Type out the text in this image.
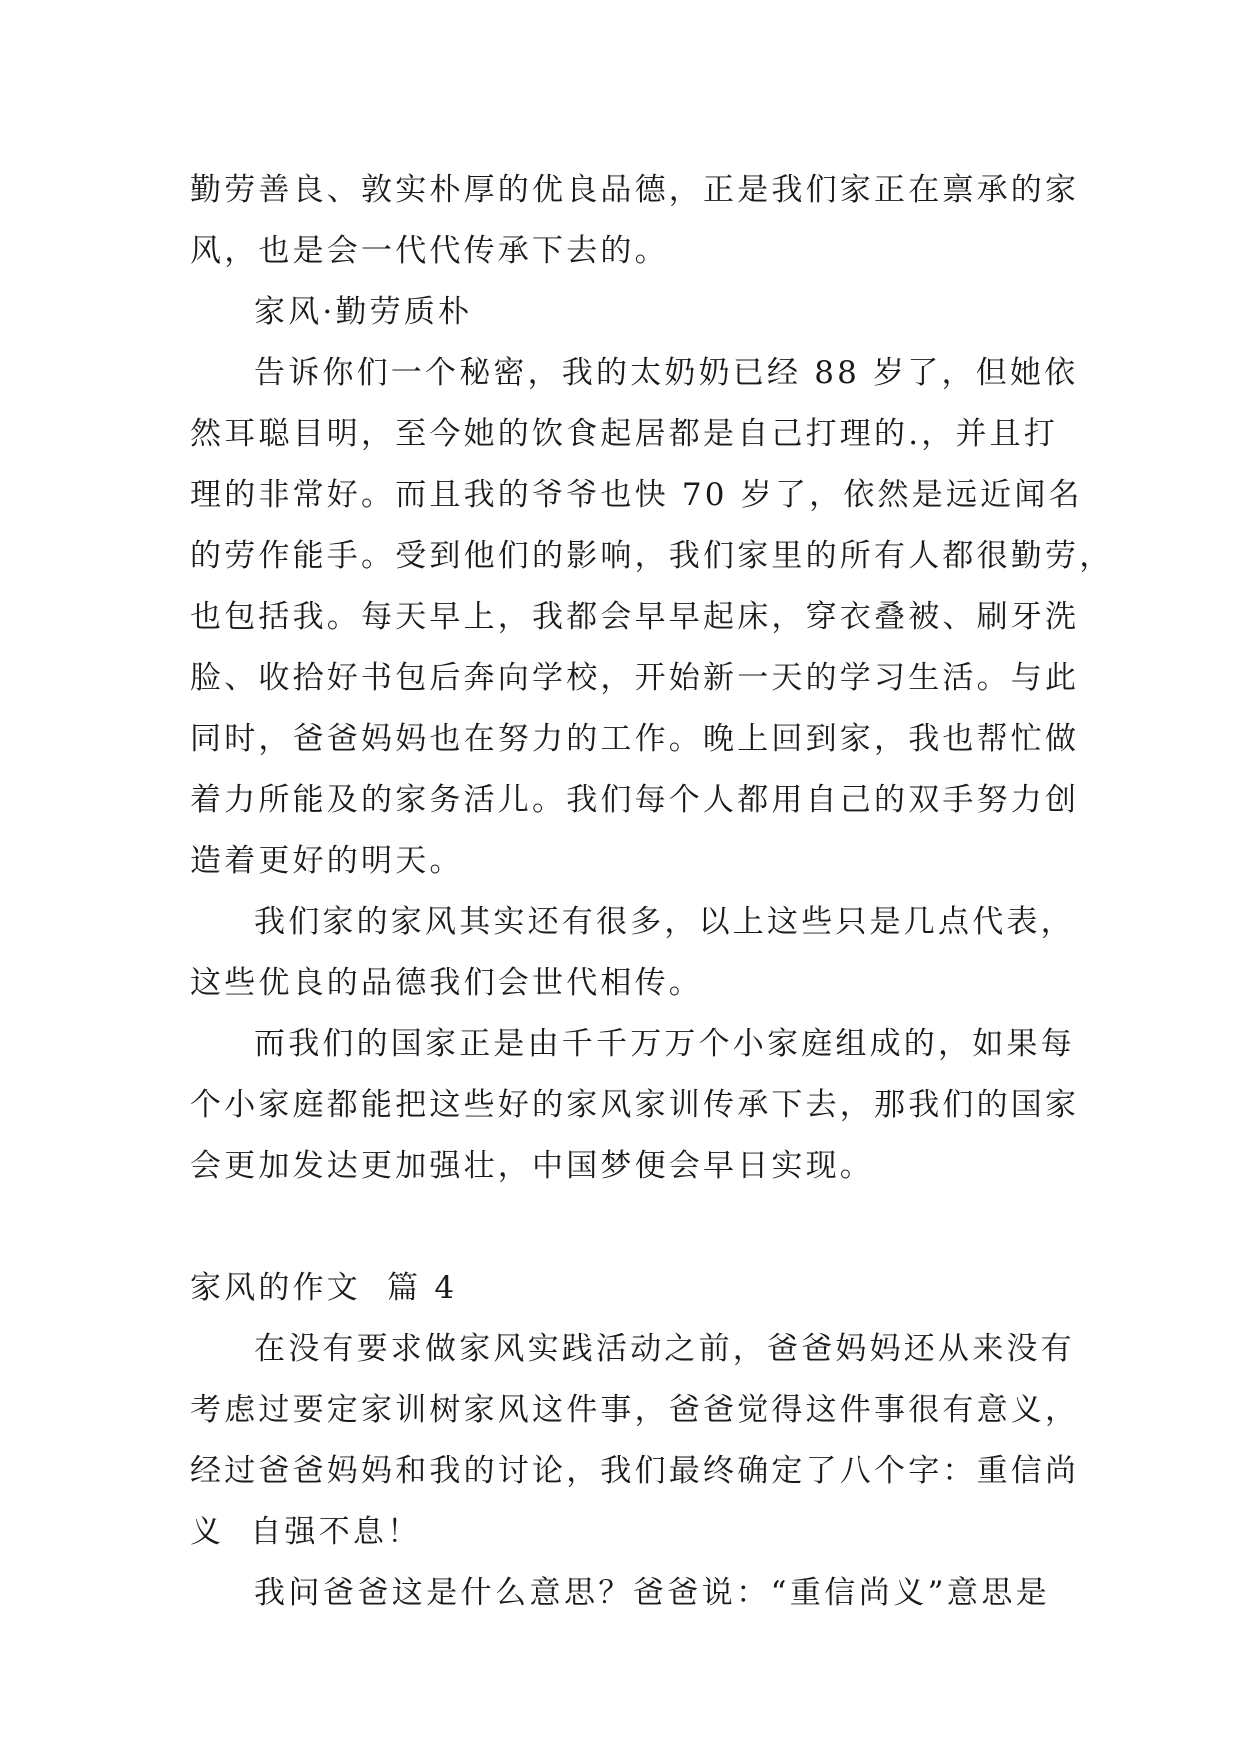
勤劳善良、敦实朴厚的优良品德，正是我们家正在禀承的家
风，也是会一代代传承下去的。
家风·勤劳质朴
告诉你们一个秘密，我的太奶奶已经 88 岁了，但她依
然耳聪目明，至今她的饮食起居都是自己打理的.，并且打
理的非常好。而且我的爷爷也快 70 岁了，依然是远近闻名
的劳作能手。受到他们的影响，我们家里的所有人都很勤劳，
也包括我。每天早上，我都会早早起床，穿衣叠被、刷牙洗
脸、收拾好书包后奔向学校，开始新一天的学习生活。与此
同时，爸爸妈妈也在努力的工作。晚上回到家，我也帮忙做
着力所能及的家务活儿。我们每个人都用自己的双手努力创
造着更好的明天。
我们家的家风其实还有很多，以上这些只是几点代表，
这些优良的品德我们会世代相传。
而我们的国家正是由千千万万个小家庭组成的，如果每
个小家庭都能把这些好的家风家训传承下去，那我们的国家
会更加发达更加强壮，中国梦便会早日实现。
家风的作文  篇 4
在没有要求做家风实践活动之前，爸爸妈妈还从来没有
考虑过要定家训树家风这件事，爸爸觉得这件事很有意义，
经过爸爸妈妈和我的讨论，我们最终确定了八个字：重信尚
义  自强不息！
我问爸爸这是什么意思？爸爸说：“重信尚义”意思是
